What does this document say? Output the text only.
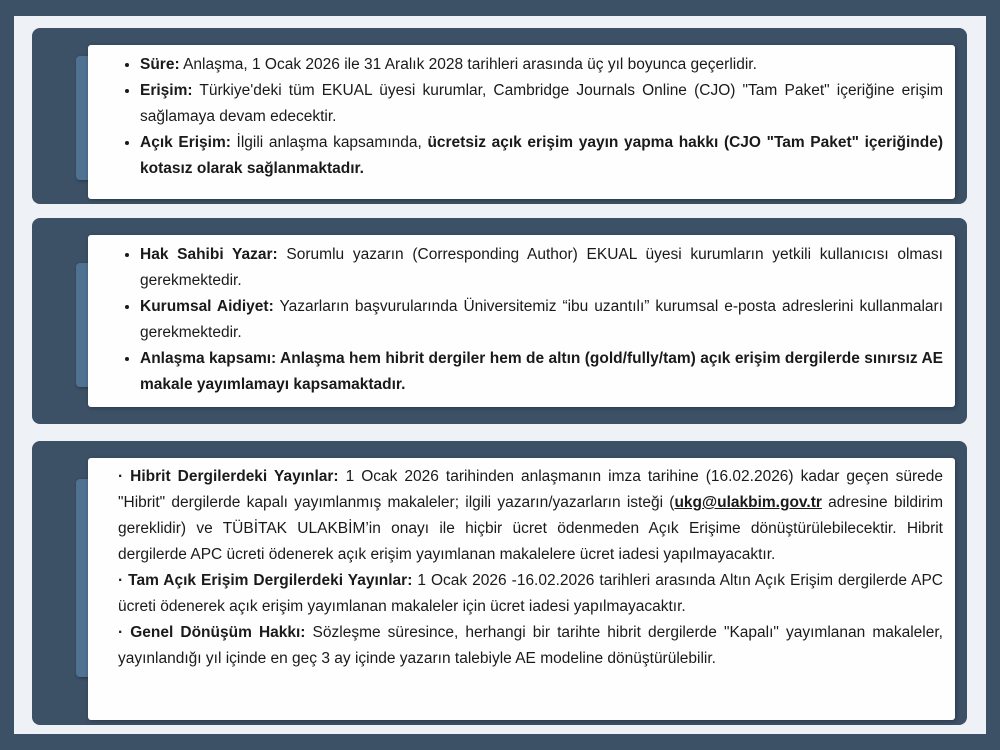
• Süre: Anlaşma, 1 Ocak 2026 ile 31 Aralık 2028 tarihleri arasında üç yıl boyunca geçerlidir.
• Erişim: Türkiye'deki tüm EKUAL üyesi kurumlar, Cambridge Journals Online (CJO) "Tam Paket" içeriğine erişim sağlamaya devam edecektir.
• Açık Erişim: İlgili anlaşma kapsamında, ücretsiz açık erişim yayın yapma hakkı (CJO "Tam Paket" içeriğinde) kotasız olarak sağlanmaktadır.
• Hak Sahibi Yazar: Sorumlu yazarın (Corresponding Author) EKUAL üyesi kurumların yetkili kullanıcısı olması gerekmektedir.
• Kurumsal Aidiyet: Yazarların başvurularında Üniversitemiz “ibu uzantılı” kurumsal e-posta adreslerini kullanmaları gerekmektedir.
• Anlaşma kapsamı: Anlaşma hem hibrit dergiler hem de altın (gold/fully/tam) açık erişim dergilerde sınırsız AE makale yayımlamayı kapsamaktadır.

· Hibrit Dergilerdeki Yayınlar: 1 Ocak 2026 tarihinden anlaşmanın imza tarihine (16.02.2026) kadar geçen sürede "Hibrit" dergilerde kapalı yayımlanmış makaleler; ilgili yazarın/yazarların isteği (ukg@ulakbim.gov.tr adresine bildirim gereklidir) ve TÜBİTAK ULAKBİM’in onayı ile hiçbir ücret ödenmeden Açık Erişime dönüştürülebilecektir. Hibrit dergilerde APC ücreti ödenerek açık erişim yayımlanan makalelere ücret iadesi yapılmayacaktır.

· Tam Açık Erişim Dergilerdeki Yayınlar: 1 Ocak 2026 -16.02.2026 tarihleri arasında Altın Açık Erişim dergilerde APC ücreti ödenerek açık erişim yayımlanan makaleler için ücret iadesi yapılmayacaktır.

· Genel Dönüşüm Hakkı: Sözleşme süresince, herhangi bir tarihte hibrit dergilerde "Kapalı" yayımlanan makaleler, yayınlandığı yıl içinde en geç 3 ay içinde yazarın talebiyle AE modeline dönüştürülebilir.
